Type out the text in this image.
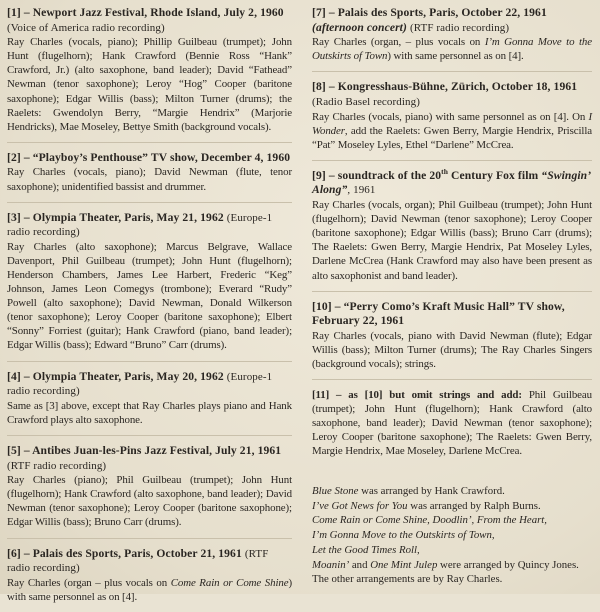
[1] – Newport Jazz Festival, Rhode Island, July 2, 1960 (Voice of America radio recording)
Ray Charles (vocals, piano); Phillip Guilbeau (trumpet); John Hunt (flugelhorn); Hank Crawford (Bennie Ross “Hank” Crawford, Jr.) (alto saxophone, band leader); David “Fathead” Newman (tenor saxophone); Leroy “Hog” Cooper (baritone saxophone); Edgar Willis (bass); Milton Turner (drums); the Raelets: Gwendolyn Berry, “Margie Hendrix” (Marjorie Hendricks), Mae Moseley, Bettye Smith (background vocals).
[2] – “Playboy’s Penthouse” TV show, December 4, 1960
Ray Charles (vocals, piano); David Newman (flute, tenor saxophone); unidentified bassist and drummer.
[3] – Olympia Theater, Paris, May 21, 1962 (Europe-1 radio recording)
Ray Charles (alto saxophone); Marcus Belgrave, Wallace Davenport, Phil Guilbeau (trumpet); John Hunt (flugelhorn); Henderson Chambers, James Lee Harbert, Frederic “Keg” Johnson, James Leon Comegys (trombone); Everard “Rudy” Powell (alto saxophone); David Newman, Donald Wilkerson (tenor saxophone); Leroy Cooper (baritone saxophone); Elbert “Sonny” Forriest (guitar); Hank Crawford (piano, band leader); Edgar Willis (bass); Edward “Bruno” Carr (drums).
[4] – Olympia Theater, Paris, May 20, 1962 (Europe-1 radio recording)
Same as [3] above, except that Ray Charles plays piano and Hank Crawford plays alto saxophone.
[5] – Antibes Juan-les-Pins Jazz Festival, July 21, 1961 (RTF radio recording)
Ray Charles (piano); Phil Guilbeau (trumpet); John Hunt (flugelhorn); Hank Crawford (alto saxophone, band leader); David Newman (tenor saxophone); Leroy Cooper (baritone saxophone); Edgar Willis (bass); Bruno Carr (drums).
[6] – Palais des Sports, Paris, October 21, 1961 (RTF radio recording)
Ray Charles (organ – plus vocals on Come Rain or Come Shine) with same personnel as on [4].
[7] – Palais des Sports, Paris, October 22, 1961 (afternoon concert) (RTF radio recording)
Ray Charles (organ, – plus vocals on I’m Gonna Move to the Outskirts of Town) with same personnel as on [4].
[8] – Kongresshaus-Bühne, Zürich, October 18, 1961 (Radio Basel recording)
Ray Charles (vocals, piano) with same personnel as on [4]. On I Wonder, add the Raelets: Gwen Berry, Margie Hendrix, Priscilla “Pat” Moseley Lyles, Ethel “Darlene” McCrea.
[9] – soundtrack of the 20th Century Fox film “Swingin’ Along”, 1961
Ray Charles (vocals, organ); Phil Guilbeau (trumpet); John Hunt (flugelhorn); David Newman (tenor saxophone); Leroy Cooper (baritone saxophone); Edgar Willis (bass); Bruno Carr (drums); The Raelets: Gwen Berry, Margie Hendrix, Pat Moseley Lyles, Darlene McCrea (Hank Crawford may also have been present as alto saxophonist and band leader).
[10] – “Perry Como’s Kraft Music Hall” TV show, February 22, 1961
Ray Charles (vocals, piano with David Newman (flute); Edgar Willis (bass); Milton Turner (drums); The Ray Charles Singers (background vocals); strings.
[11] – as [10] but omit strings and add: Phil Guilbeau (trumpet); John Hunt (flugelhorn); Hank Crawford (alto saxophone, band leader); David Newman (tenor saxophone); Leroy Cooper (baritone saxophone); The Raelets: Gwen Berry, Margie Hendrix, Mae Moseley, Darlene McCrea.
Blue Stone was arranged by Hank Crawford.
I’ve Got News for You was arranged by Ralph Burns.
Come Rain or Come Shine, Doodlin’, From the Heart,
I’m Gonna Move to the Outskirts of Town,
Let the Good Times Roll,
Moanin’ and One Mint Julep were arranged by Quincy Jones.
The other arrangements are by Ray Charles.
